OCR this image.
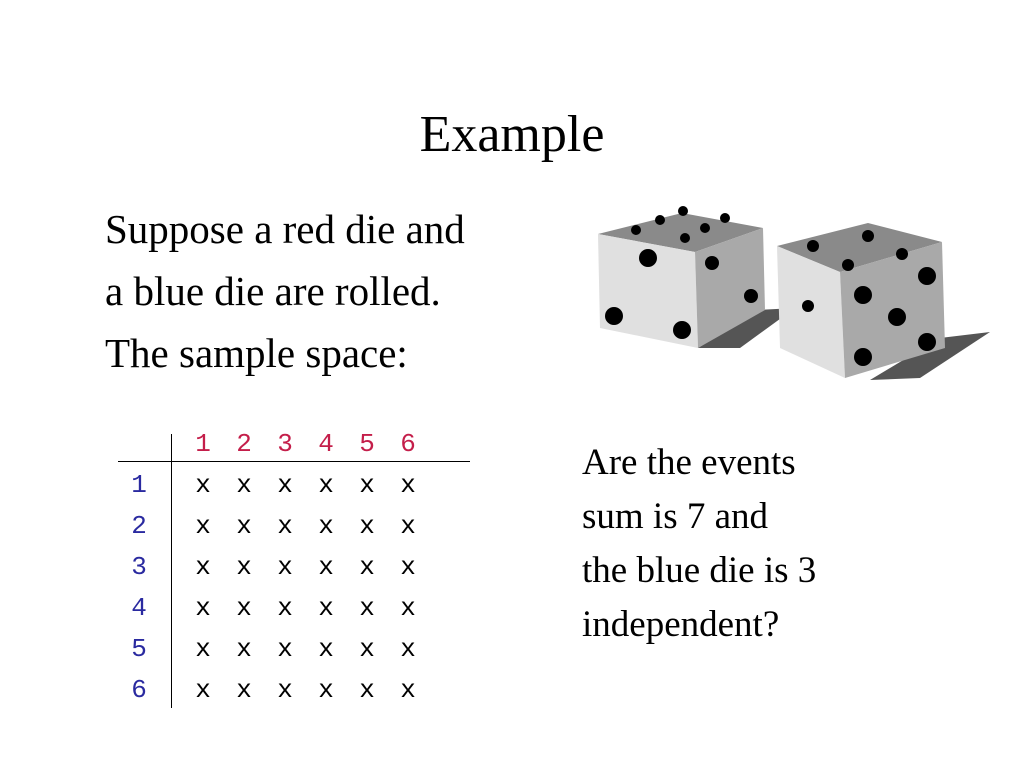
Example
Suppose a red die and
a blue die are rolled.
The sample space:
1 2 3 4 5 6
1	x x x x x x
2	x x x x x x
3	x x x x x x
4	x x x x x x
5	x x x x x x
6	x x x x x x
Are the events
sum is 7 and
the blue die is 3
independent?
